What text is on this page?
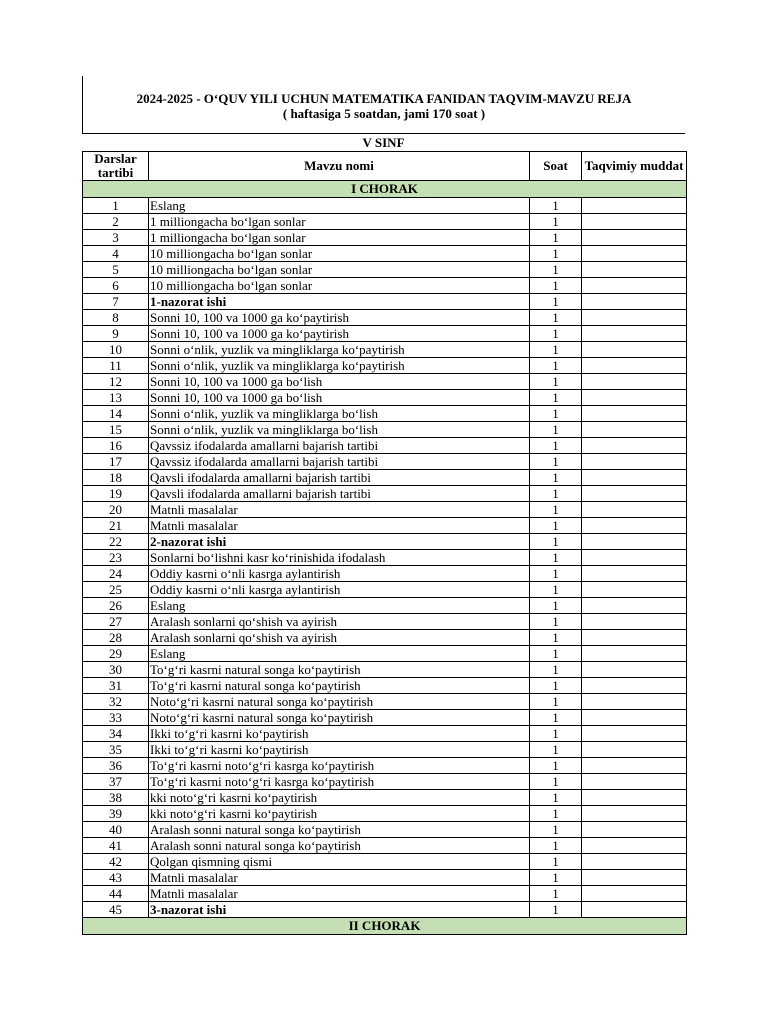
2024-2025 - O‘QUV YILI UCHUN MATEMATIKA FANIDAN TAQVIM-MAVZU REJA
( haftasiga 5 soatdan, jami 170 soat )
V SINF
Darslar tartibi	Mavzu nomi	Soat	Taqvimiy muddat
I CHORAK			
1	Eslang	1	
2	1 milliongacha bo‘lgan sonlar	1	
3	1 milliongacha bo‘lgan sonlar	1	
4	10 milliongacha bo‘lgan sonlar	1	
5	10 milliongacha bo‘lgan sonlar	1	
6	10 milliongacha bo‘lgan sonlar	1	
7	1-nazorat ishi	1	
8	Sonni 10, 100 va 1000 ga ko‘paytirish	1	
9	Sonni 10, 100 va 1000 ga ko‘paytirish	1	
10	Sonni o‘nlik, yuzlik va mingliklarga ko‘paytirish	1	
11	Sonni o‘nlik, yuzlik va mingliklarga ko‘paytirish	1	
12	Sonni 10, 100 va 1000 ga bo‘lish	1	
13	Sonni 10, 100 va 1000 ga bo‘lish	1	
14	Sonni o‘nlik, yuzlik va mingliklarga bo‘lish	1	
15	Sonni o‘nlik, yuzlik va mingliklarga bo‘lish	1	
16	Qavssiz ifodalarda amallarni bajarish tartibi	1	
17	Qavssiz ifodalarda amallarni bajarish tartibi	1	
18	Qavsli ifodalarda amallarni bajarish tartibi	1	
19	Qavsli ifodalarda amallarni bajarish tartibi	1	
20	Matnli masalalar	1	
21	Matnli masalalar	1	
22	2-nazorat ishi	1	
23	Sonlarni bo‘lishni kasr ko‘rinishida ifodalash	1	
24	Oddiy kasrni o‘nli kasrga aylantirish	1	
25	Oddiy kasrni o‘nli kasrga aylantirish	1	
26	Eslang	1	
27	Aralash sonlarni qo‘shish va ayirish	1	
28	Aralash sonlarni qo‘shish va ayirish	1	
29	Eslang	1	
30	To‘g‘ri kasrni natural songa ko‘paytirish	1	
31	To‘g‘ri kasrni natural songa ko‘paytirish	1	
32	Noto‘g‘ri kasrni natural songa ko‘paytirish	1	
33	Noto‘g‘ri kasrni natural songa ko‘paytirish	1	
34	Ikki to‘g‘ri kasrni ko‘paytirish	1	
35	Ikki to‘g‘ri kasrni ko‘paytirish	1	
36	To‘g‘ri kasrni noto‘g‘ri kasrga ko‘paytirish	1	
37	To‘g‘ri kasrni noto‘g‘ri kasrga ko‘paytirish	1	
38	kki noto‘g‘ri kasrni ko‘paytirish	1	
39	kki noto‘g‘ri kasrni ko‘paytirish	1	
40	Aralash sonni natural songa ko‘paytirish	1	
41	Aralash sonni natural songa ko‘paytirish	1	
42	Qolgan qismning qismi	1	
43	Matnli masalalar	1	
44	Matnli masalalar	1	
45	3-nazorat ishi	1	
II CHORAK			
